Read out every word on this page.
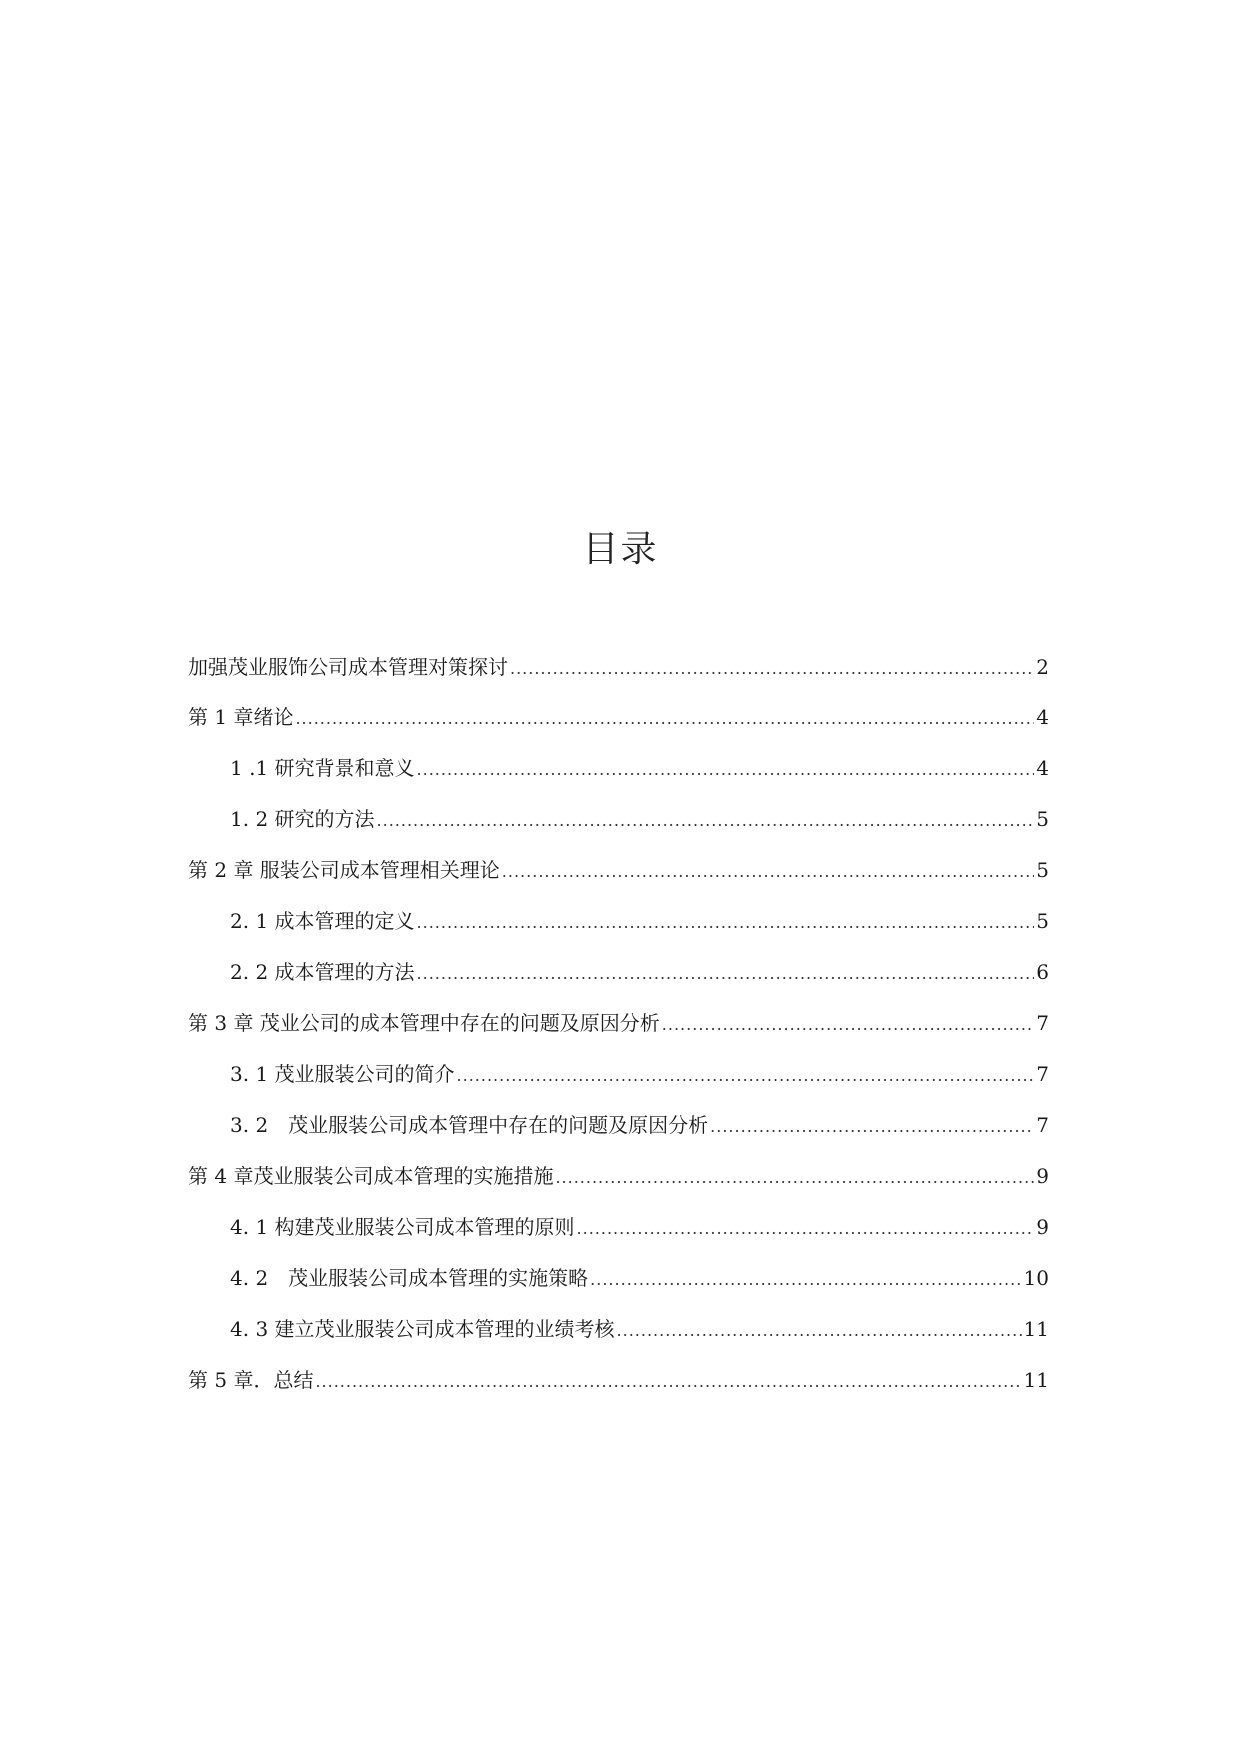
目录
加强茂业服饰公司成本管理对策探讨 .....	2
第 1 章绪论 .....	4
1 .1 研究背景和意义 .....	4
1. 2 研究的方法 .....	5
第 2 章 服装公司成本管理相关理论 .....	5
2. 1 成本管理的定义 .....	5
2. 2 成本管理的方法 .....	6
第 3 章 茂业公司的成本管理中存在的问题及原因分析 .....	7
3. 1 茂业服装公司的简介 .....	7
3. 2　茂业服装公司成本管理中存在的问题及原因分析 .....	7
第 4 章茂业服装公司成本管理的实施措施 .....	9
4. 1 构建茂业服装公司成本管理的原则 .....	9
4. 2　茂业服装公司成本管理的实施策略 .....	10
4. 3 建立茂业服装公司成本管理的业绩考核 .....	11
第 5 章．总结 .....	11
